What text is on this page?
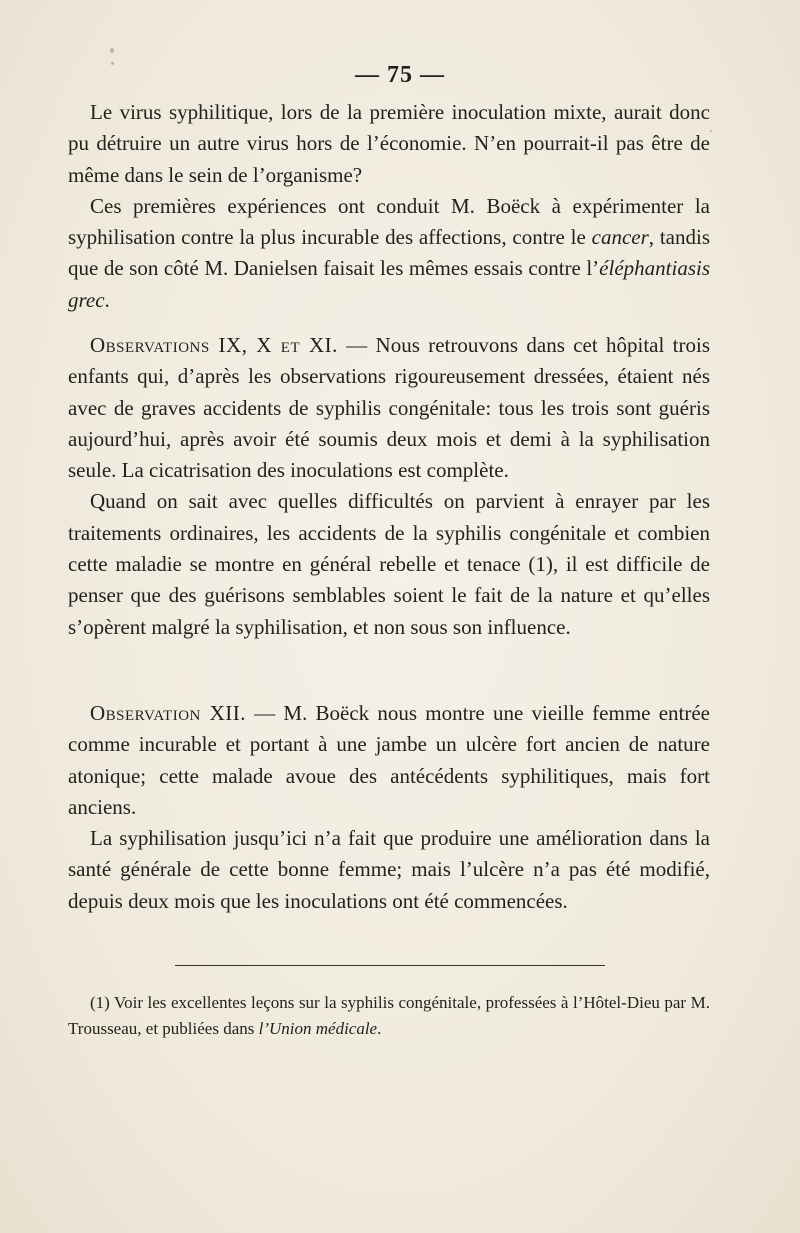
— 75 —

Le virus syphilitique, lors de la première inoculation mixte, aurait donc pu détruire un autre virus hors de l’économie. N’en pourrait-il pas être de même dans le sein de l’organisme?

Ces premières expériences ont conduit M. Boëck à expérimenter la syphilisation contre la plus incurable des affections, contre le cancer, tandis que de son côté M. Danielsen faisait les mêmes essais contre l’éléphantiasis grec.

Observations IX, X et XI. — Nous retrouvons dans cet hôpital trois enfants qui, d’après les observations rigoureusement dressées, étaient nés avec de graves accidents de syphilis congénitale: tous les trois sont guéris aujourd’hui, après avoir été soumis deux mois et demi à la syphilisation seule. La cicatrisation des inoculations est complète.

Quand on sait avec quelles difficultés on parvient à enrayer par les traitements ordinaires, les accidents de la syphilis congénitale et combien cette maladie se montre en général rebelle et tenace (1), il est difficile de penser que des guérisons semblables soient le fait de la nature et qu’elles s’opèrent malgré la syphilisation, et non sous son influence.

Observation XII. — M. Boëck nous montre une vieille femme entrée comme incurable et portant à une jambe un ulcère fort ancien de nature atonique; cette malade avoue des antécédents syphilitiques, mais fort anciens.

La syphilisation jusqu’ici n’a fait que produire une amélioration dans la santé générale de cette bonne femme; mais l’ulcère n’a pas été modifié, depuis deux mois que les inoculations ont été commencées.

(1) Voir les excellentes leçons sur la syphilis congénitale, professées à l’Hôtel-Dieu par M. Trousseau, et publiées dans l’Union médicale.
